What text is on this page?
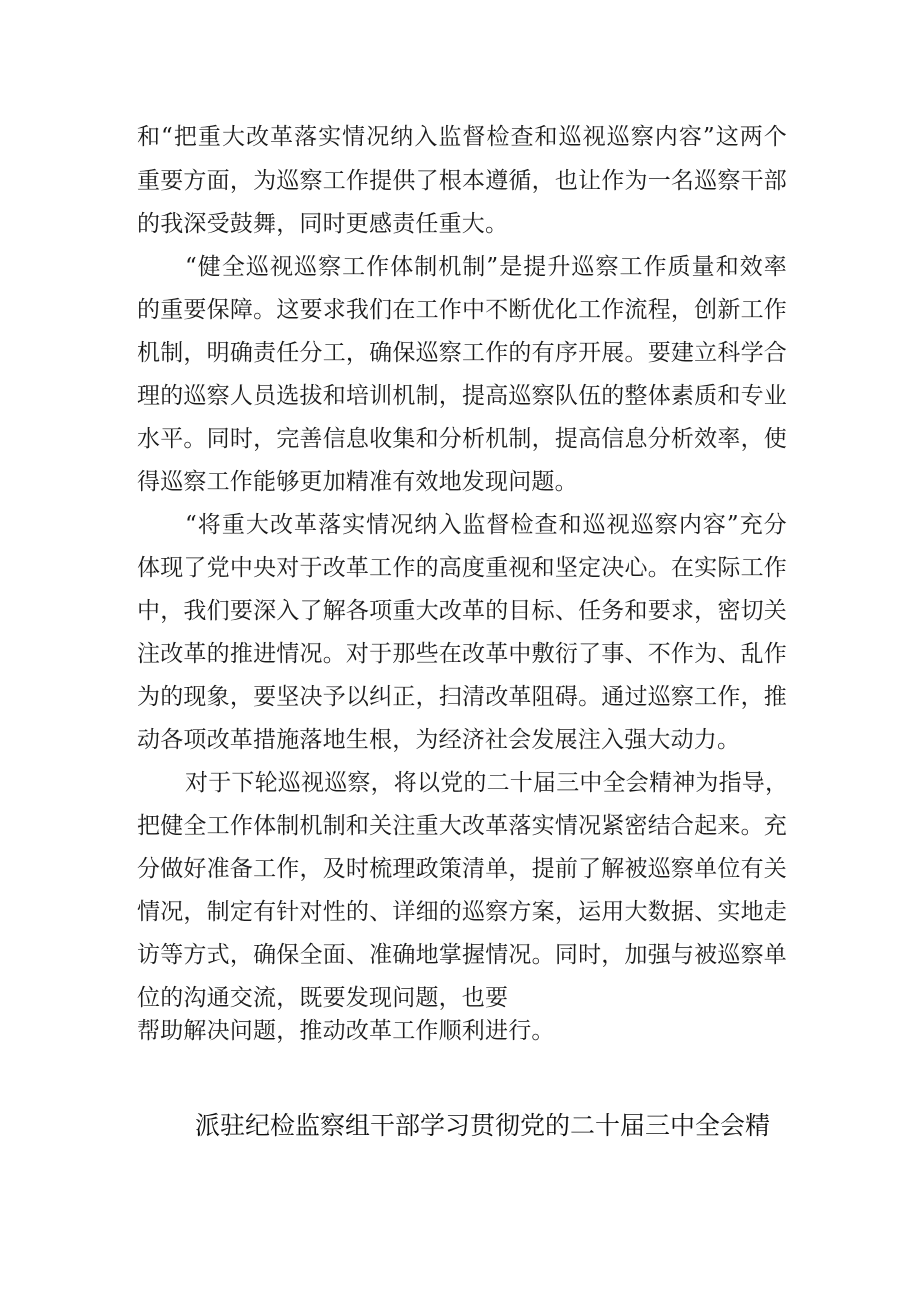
和“把重大改革落实情况纳入监督检查和巡视巡察内容”这两个
重要方面，为巡察工作提供了根本遵循，也让作为一名巡察干部
的我深受鼓舞，同时更感责任重大。
“健全巡视巡察工作体制机制”是提升巡察工作质量和效率
的重要保障。这要求我们在工作中不断优化工作流程，创新工作
机制，明确责任分工，确保巡察工作的有序开展。要建立科学合
理的巡察人员选拔和培训机制，提高巡察队伍的整体素质和专业
水平。同时，完善信息收集和分析机制，提高信息分析效率，使
得巡察工作能够更加精准有效地发现问题。
“将重大改革落实情况纳入监督检查和巡视巡察内容”充分
体现了党中央对于改革工作的高度重视和坚定决心。在实际工作
中，我们要深入了解各项重大改革的目标、任务和要求，密切关
注改革的推进情况。对于那些在改革中敷衍了事、不作为、乱作
为的现象，要坚决予以纠正，扫清改革阻碍。通过巡察工作，推
动各项改革措施落地生根，为经济社会发展注入强大动力。
对于下轮巡视巡察，将以党的二十届三中全会精神为指导，
把健全工作体制机制和关注重大改革落实情况紧密结合起来。充
分做好准备工作，及时梳理政策清单，提前了解被巡察单位有关
情况，制定有针对性的、详细的巡察方案，运用大数据、实地走
访等方式，确保全面、准确地掌握情况。同时，加强与被巡察单
位的沟通交流，既要发现问题，也要
帮助解决问题，推动改革工作顺利进行。
派驻纪检监察组干部学习贯彻党的二十届三中全会精
